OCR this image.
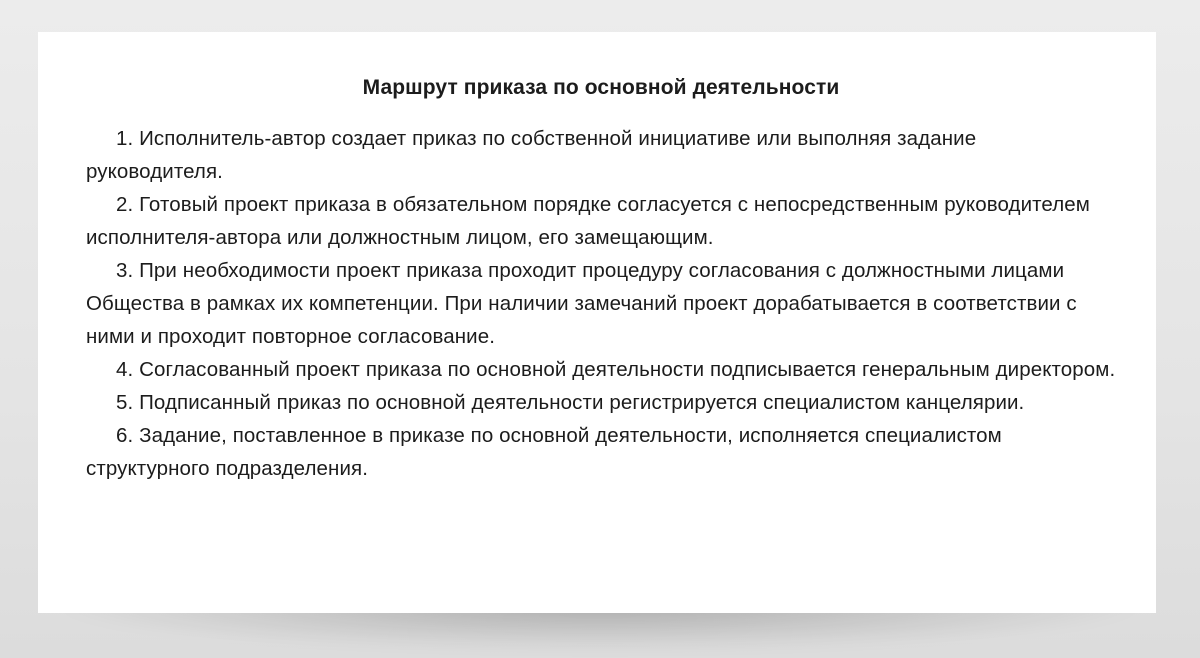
Маршрут приказа по основной деятельности
1. Исполнитель-автор создает приказ по собственной инициативе или выполняя задание руководителя.
2. Готовый проект приказа в обязательном порядке согласуется с непосредственным руководителем исполнителя-автора или должностным лицом, его замещающим.
3. При необходимости проект приказа проходит процедуру согласования с должностными лицами Общества в рамках их компетенции. При наличии замечаний проект дорабатывается в соответствии с ними и проходит повторное согласование.
4. Согласованный проект приказа по основной деятельности подписывается генеральным директором.
5. Подписанный приказ по основной деятельности регистрируется специалистом канцелярии.
6. Задание, поставленное в приказе по основной деятельности, исполняется специалистом структурного подразделения.
